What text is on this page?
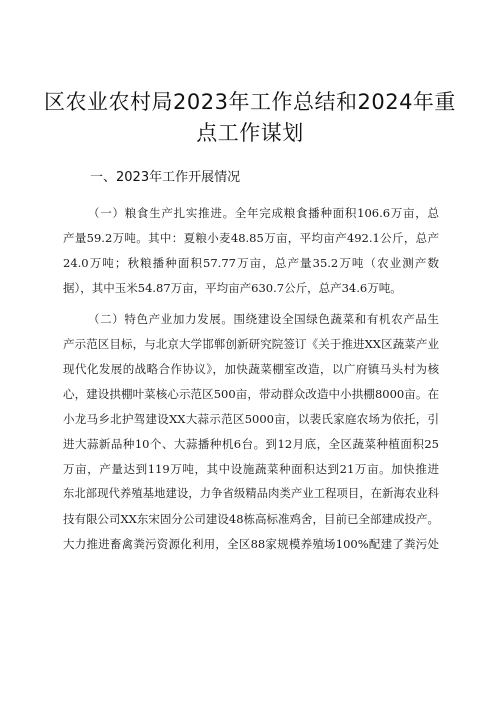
区农业农村局2023年工作总结和2024年重
点工作谋划
一、2023年工作开展情况
（一）粮食生产扎实推进。全年完成粮食播种面积106.6万亩，总
产量59.2万吨。其中：夏粮小麦48.85万亩，平均亩产492.1公斤，总产
24.0万吨；秋粮播种面积57.77万亩，总产量35.2万吨（农业测产数
据），其中玉米54.87万亩，平均亩产630.7公斤，总产34.6万吨。
（二）特色产业加力发展。围绕建设全国绿色蔬菜和有机农产品生
产示范区目标，与北京大学邯郸创新研究院签订《关于推进XX区蔬菜产业
现代化发展的战略合作协议》，加快蔬菜棚室改造，以广府镇马头村为核
心，建设拱棚叶菜核心示范区500亩，带动群众改造中小拱棚8000亩。在
小龙马乡北护驾建设XX大蒜示范区5000亩，以裴氏家庭农场为依托，引
进大蒜新品种10个、大蒜播种机6台。到12月底，全区蔬菜种植面积25
万亩，产量达到119万吨，其中设施蔬菜种面积达到21万亩。加快推进
东北部现代养殖基地建设，力争省级精品肉类产业工程项目，在新海农业科
技有限公司XX东宋固分公司建设48栋高标准鸡舍，目前已全部建成投产。
大力推进畜禽粪污资源化利用，全区88家规模养殖场100%配建了粪污处
